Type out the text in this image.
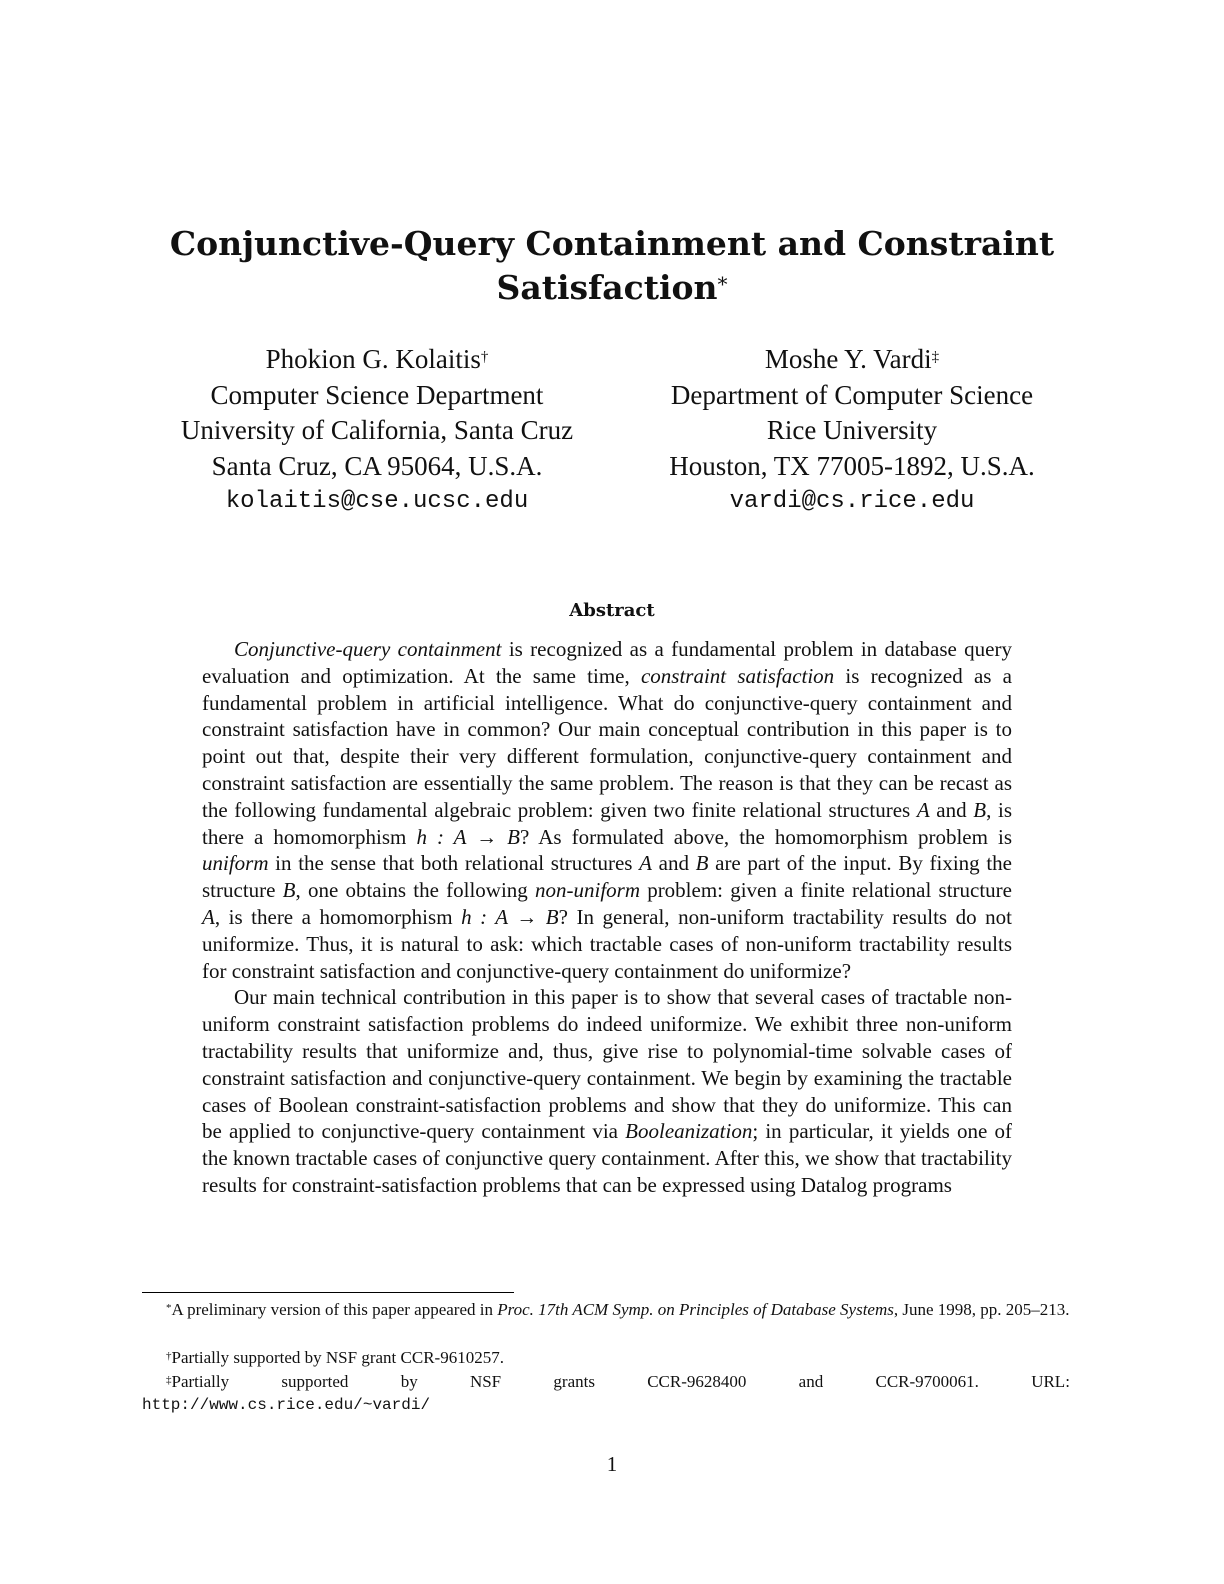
Conjunctive-Query Containment and Constraint
Satisfaction*
Phokion G. Kolaitis†
Computer Science Department
University of California, Santa Cruz
Santa Cruz, CA 95064, U.S.A.
kolaitis@cse.ucsc.edu
Moshe Y. Vardi‡
Department of Computer Science
Rice University
Houston, TX 77005-1892, U.S.A.
vardi@cs.rice.edu
Abstract

Conjunctive-query containment is recognized as a fundamental problem in database query evaluation and optimization. At the same time, constraint satisfaction is recognized as a fundamental problem in artificial intelligence. What do conjunctive-query containment and constraint satisfaction have in common? Our main conceptual contribution in this paper is to point out that, despite their very different formulation, conjunctive-query containment and constraint satisfaction are essentially the same problem. The reason is that they can be recast as the following fundamental algebraic problem: given two finite relational structures A and B, is there a homomorphism h : A → B? As formulated above, the homomorphism problem is uniform in the sense that both relational structures A and B are part of the input. By fixing the structure B, one obtains the following non-uniform problem: given a finite relational structure A, is there a homomorphism h : A → B? In general, non-uniform tractability results do not uniformize. Thus, it is natural to ask: which tractable cases of non-uniform tractability results for constraint satisfaction and conjunctive-query containment do uniformize?

Our main technical contribution in this paper is to show that several cases of tractable non-uniform constraint satisfaction problems do indeed uniformize. We exhibit three non-uniform tractability results that uniformize and, thus, give rise to polynomial-time solvable cases of constraint satisfaction and conjunctive-query containment. We begin by examining the tractable cases of Boolean constraint-satisfaction problems and show that they do uniformize. This can be applied to conjunctive-query containment via Booleanization; in particular, it yields one of the known tractable cases of conjunctive query containment. After this, we show that tractability results for constraint-satisfaction problems that can be expressed using Datalog programs

*A preliminary version of this paper appeared in Proc. 17th ACM Symp. on Principles of Database Systems, June 1998, pp. 205–213.

†Partially supported by NSF grant CCR-9610257.

‡Partially	supported	by	NSF	grants	CCR-9628400	and	CCR-9700061.	URL:
http://www.cs.rice.edu/~vardi/
1
